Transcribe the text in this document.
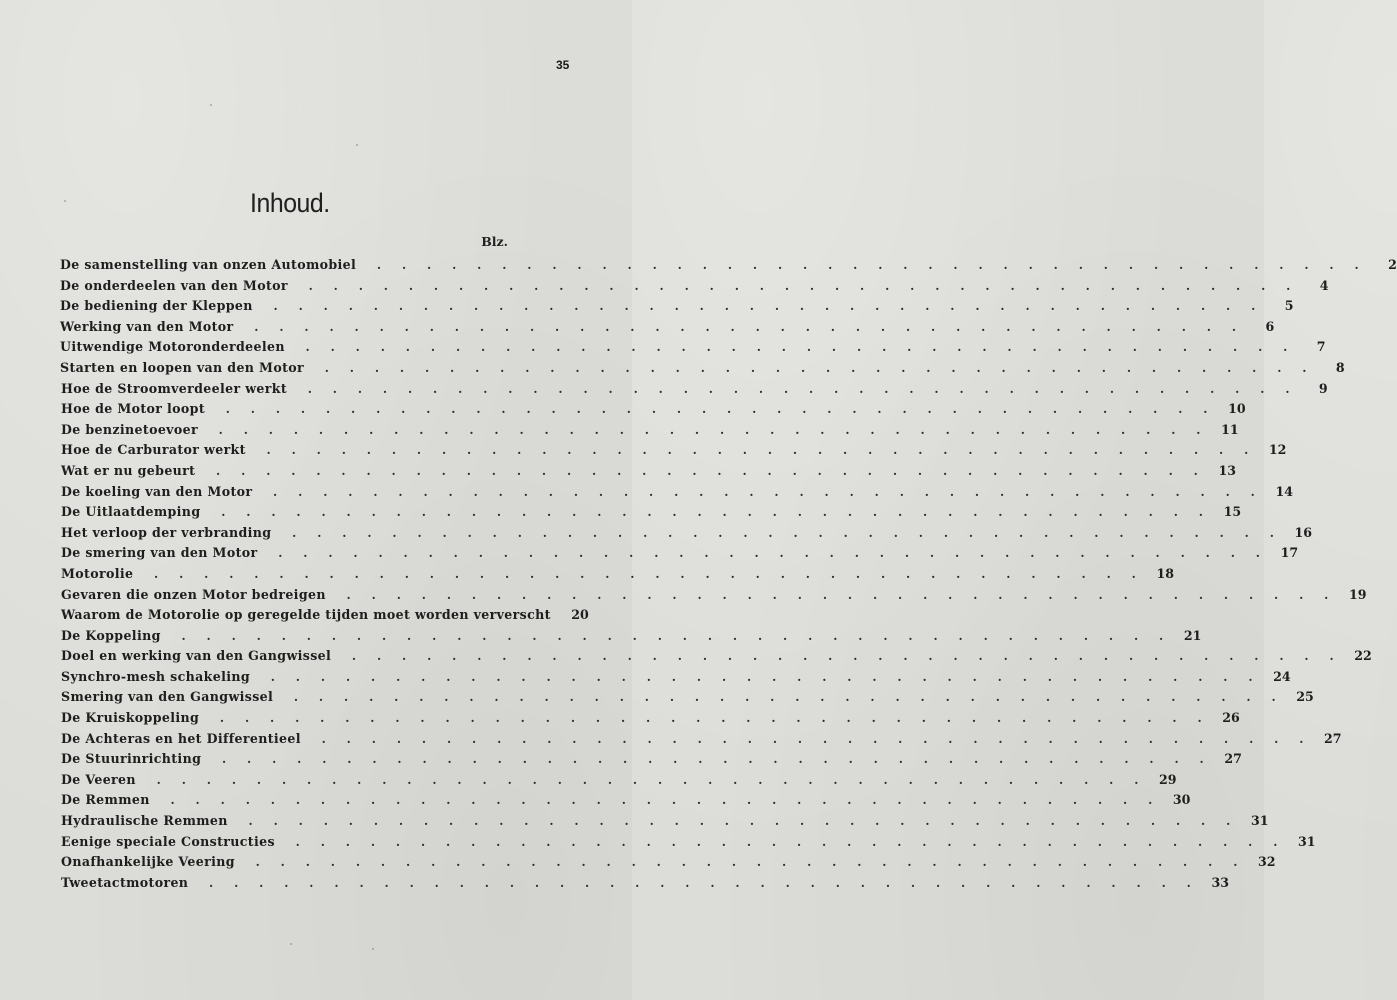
35
Inhoud.
Blz.
De samenstelling van onzen Automobiel .     .     .     .     .     .     .     .     .     .     .     .     .     .     .     .     .     .     .     .     .     .     .     .     .     .     .     .     .     .     .     .     .     .     .     .     .     .     .     .	2
De onderdeelen van den Motor .     .     .     .     .     .     .     .     .     .     .     .     .     .     .     .     .     .     .     .     .     .     .     .     .     .     .     .     .     .     .     .     .     .     .     .     .     .     .     .	4
De bediening der Kleppen .     .     .     .     .     .     .     .     .     .     .     .     .     .     .     .     .     .     .     .     .     .     .     .     .     .     .     .     .     .     .     .     .     .     .     .     .     .     .     .	5
Werking van den Motor .     .     .     .     .     .     .     .     .     .     .     .     .     .     .     .     .     .     .     .     .     .     .     .     .     .     .     .     .     .     .     .     .     .     .     .     .     .     .     .	6
Uitwendige Motoronderdeelen .     .     .     .     .     .     .     .     .     .     .     .     .     .     .     .     .     .     .     .     .     .     .     .     .     .     .     .     .     .     .     .     .     .     .     .     .     .     .     .	7
Starten en loopen van den Motor .     .     .     .     .     .     .     .     .     .     .     .     .     .     .     .     .     .     .     .     .     .     .     .     .     .     .     .     .     .     .     .     .     .     .     .     .     .     .     .	8
Hoe de Stroomverdeeler werkt .     .     .     .     .     .     .     .     .     .     .     .     .     .     .     .     .     .     .     .     .     .     .     .     .     .     .     .     .     .     .     .     .     .     .     .     .     .     .     .	9
Hoe de Motor loopt .     .     .     .     .     .     .     .     .     .     .     .     .     .     .     .     .     .     .     .     .     .     .     .     .     .     .     .     .     .     .     .     .     .     .     .     .     .     .     .	10
De benzinetoevoer .     .     .     .     .     .     .     .     .     .     .     .     .     .     .     .     .     .     .     .     .     .     .     .     .     .     .     .     .     .     .     .     .     .     .     .     .     .     .     .	11
Hoe de Carburator werkt .     .     .     .     .     .     .     .     .     .     .     .     .     .     .     .     .     .     .     .     .     .     .     .     .     .     .     .     .     .     .     .     .     .     .     .     .     .     .     .	12
Wat er nu gebeurt .     .     .     .     .     .     .     .     .     .     .     .     .     .     .     .     .     .     .     .     .     .     .     .     .     .     .     .     .     .     .     .     .     .     .     .     .     .     .     .	13
De koeling van den Motor .     .     .     .     .     .     .     .     .     .     .     .     .     .     .     .     .     .     .     .     .     .     .     .     .     .     .     .     .     .     .     .     .     .     .     .     .     .     .     .	14
De Uitlaatdemping .     .     .     .     .     .     .     .     .     .     .     .     .     .     .     .     .     .     .     .     .     .     .     .     .     .     .     .     .     .     .     .     .     .     .     .     .     .     .     .	15
Het verloop der verbranding .     .     .     .     .     .     .     .     .     .     .     .     .     .     .     .     .     .     .     .     .     .     .     .     .     .     .     .     .     .     .     .     .     .     .     .     .     .     .     .	16
De smering van den Motor .     .     .     .     .     .     .     .     .     .     .     .     .     .     .     .     .     .     .     .     .     .     .     .     .     .     .     .     .     .     .     .     .     .     .     .     .     .     .     .	17
Motorolie .     .     .     .     .     .     .     .     .     .     .     .     .     .     .     .     .     .     .     .     .     .     .     .     .     .     .     .     .     .     .     .     .     .     .     .     .     .     .     .	18
Gevaren die onzen Motor bedreigen .     .     .     .     .     .     .     .     .     .     .     .     .     .     .     .     .     .     .     .     .     .     .     .     .     .     .     .     .     .     .     .     .     .     .     .     .     .     .     .	19
Waarom de Motorolie op geregelde tijden moet worden ververscht	20
De Koppeling .     .     .     .     .     .     .     .     .     .     .     .     .     .     .     .     .     .     .     .     .     .     .     .     .     .     .     .     .     .     .     .     .     .     .     .     .     .     .     .	21
Doel en werking van den Gangwissel .     .     .     .     .     .     .     .     .     .     .     .     .     .     .     .     .     .     .     .     .     .     .     .     .     .     .     .     .     .     .     .     .     .     .     .     .     .     .     .	22
Synchro-mesh schakeling .     .     .     .     .     .     .     .     .     .     .     .     .     .     .     .     .     .     .     .     .     .     .     .     .     .     .     .     .     .     .     .     .     .     .     .     .     .     .     .	24
Smering van den Gangwissel .     .     .     .     .     .     .     .     .     .     .     .     .     .     .     .     .     .     .     .     .     .     .     .     .     .     .     .     .     .     .     .     .     .     .     .     .     .     .     .	25
De Kruiskoppeling .     .     .     .     .     .     .     .     .     .     .     .     .     .     .     .     .     .     .     .     .     .     .     .     .     .     .     .     .     .     .     .     .     .     .     .     .     .     .     .	26
De Achteras en het Differentieel .     .     .     .     .     .     .     .     .     .     .     .     .     .     .     .     .     .     .     .     .     .     .     .     .     .     .     .     .     .     .     .     .     .     .     .     .     .     .     .	27
De Stuurinrichting .     .     .     .     .     .     .     .     .     .     .     .     .     .     .     .     .     .     .     .     .     .     .     .     .     .     .     .     .     .     .     .     .     .     .     .     .     .     .     .	27
De Veeren .     .     .     .     .     .     .     .     .     .     .     .     .     .     .     .     .     .     .     .     .     .     .     .     .     .     .     .     .     .     .     .     .     .     .     .     .     .     .     .	29
De Remmen .     .     .     .     .     .     .     .     .     .     .     .     .     .     .     .     .     .     .     .     .     .     .     .     .     .     .     .     .     .     .     .     .     .     .     .     .     .     .     .	30
Hydraulische Remmen .     .     .     .     .     .     .     .     .     .     .     .     .     .     .     .     .     .     .     .     .     .     .     .     .     .     .     .     .     .     .     .     .     .     .     .     .     .     .     .	31
Eenige speciale Constructies .     .     .     .     .     .     .     .     .     .     .     .     .     .     .     .     .     .     .     .     .     .     .     .     .     .     .     .     .     .     .     .     .     .     .     .     .     .     .     .	31
Onafhankelijke Veering .     .     .     .     .     .     .     .     .     .     .     .     .     .     .     .     .     .     .     .     .     .     .     .     .     .     .     .     .     .     .     .     .     .     .     .     .     .     .     .	32
Tweetactmotoren .     .     .     .     .     .     .     .     .     .     .     .     .     .     .     .     .     .     .     .     .     .     .     .     .     .     .     .     .     .     .     .     .     .     .     .     .     .     .     .	33
